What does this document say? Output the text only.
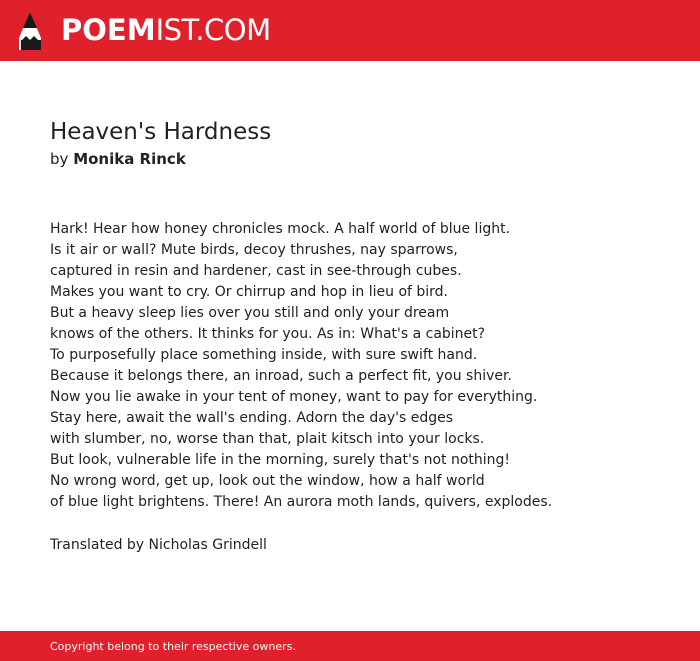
POEMIST.COM
Heaven's Hardness
by Monika Rinck
Hark! Hear how honey chronicles mock. A half world of blue light.
Is it air or wall? Mute birds, decoy thrushes, nay sparrows,
captured in resin and hardener, cast in see-through cubes.
Makes you want to cry. Or chirrup and hop in lieu of bird.
But a heavy sleep lies over you still and only your dream
knows of the others. It thinks for you. As in: What's a cabinet?
To purposefully place something inside, with sure swift hand.
Because it belongs there, an inroad, such a perfect fit, you shiver.
Now you lie awake in your tent of money, want to pay for everything.
Stay here, await the wall's ending. Adorn the day's edges
with slumber, no, worse than that, plait kitsch into your locks.
But look, vulnerable life in the morning, surely that's not nothing!
No wrong word, get up, look out the window, how a half world
of blue light brightens. There! An aurora moth lands, quivers, explodes.
Translated by Nicholas Grindell
Copyright belong to their respective owners.
